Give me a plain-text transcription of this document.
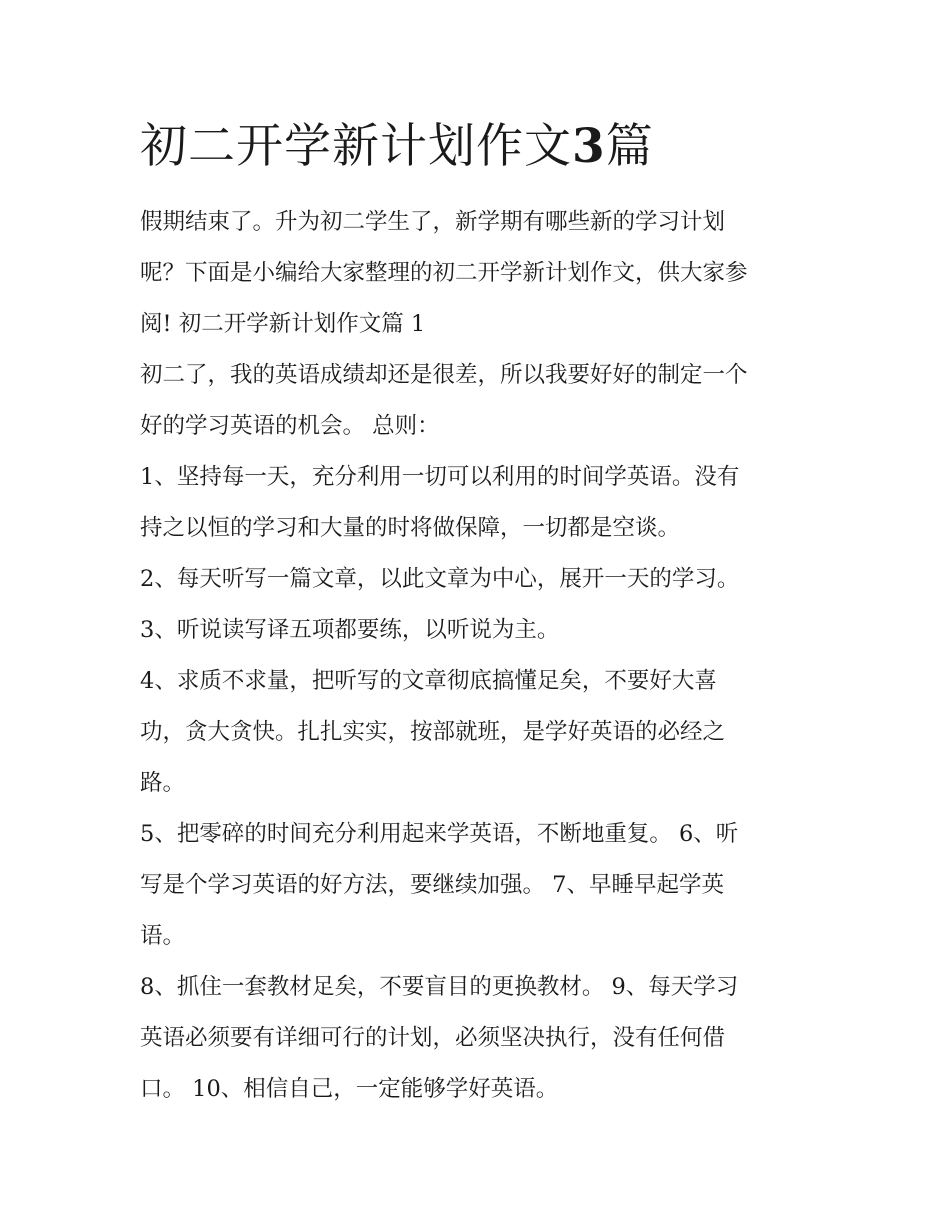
初二开学新计划作文3篇
假期结束了。升为初二学生了，新学期有哪些新的学习计划
呢？下面是小编给大家整理的初二开学新计划作文，供大家参
阅! 初二开学新计划作文篇 1
初二了，我的英语成绩却还是很差，所以我要好好的制定一个
好的学习英语的机会。 总则：
1、坚持每一天，充分利用一切可以利用的时间学英语。没有
持之以恒的学习和大量的时将做保障，一切都是空谈。
2、每天听写一篇文章，以此文章为中心，展开一天的学习。
3、听说读写译五项都要练，以听说为主。
4、求质不求量，把听写的文章彻底搞懂足矣，不要好大喜
功，贪大贪快。扎扎实实，按部就班，是学好英语的必经之
路。
5、把零碎的时间充分利用起来学英语，不断地重复。 6、听
写是个学习英语的好方法，要继续加强。 7、早睡早起学英
语。
8、抓住一套教材足矣，不要盲目的更换教材。 9、每天学习
英语必须要有详细可行的计划，必须坚决执行，没有任何借
口。 10、相信自己，一定能够学好英语。
